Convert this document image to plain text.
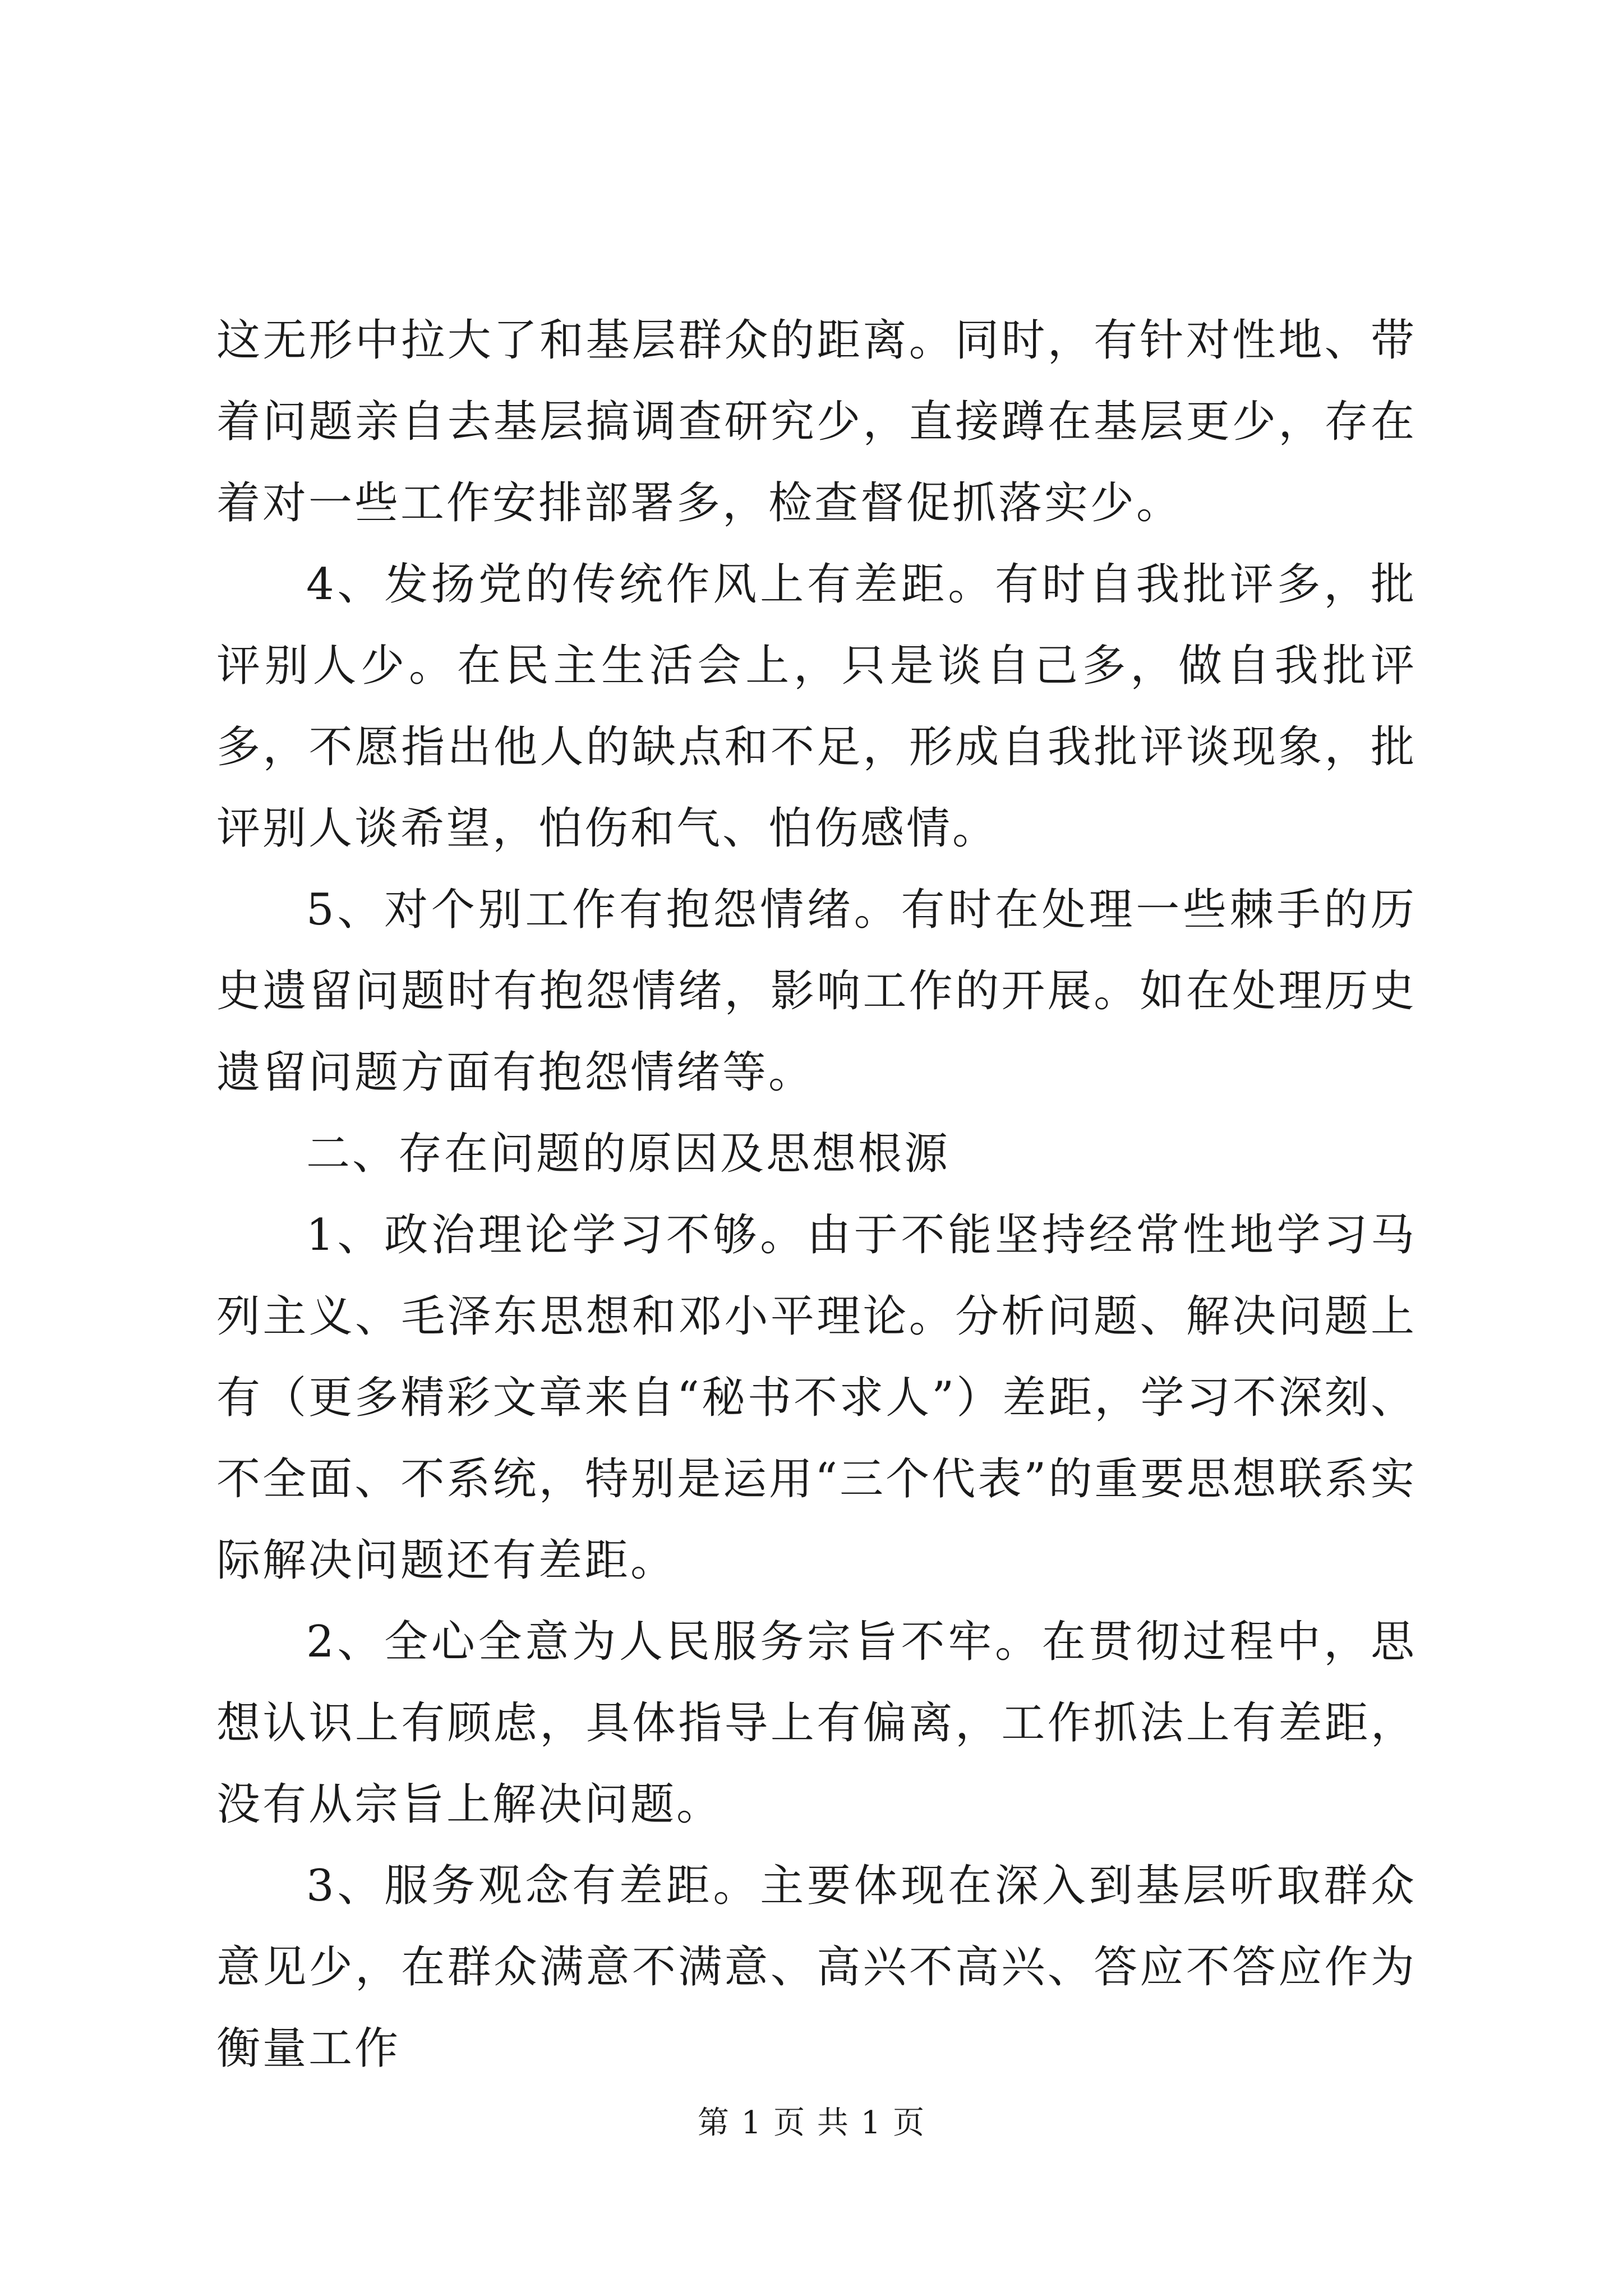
这无形中拉大了和基层群众的距离。同时，有针对性地、带着问题亲自去基层搞调查研究少，直接蹲在基层更少，存在着对一些工作安排部署多，检查督促抓落实少。

4、发扬党的传统作风上有差距。有时自我批评多，批评别人少。在民主生活会上，只是谈自己多，做自我批评多，不愿指出他人的缺点和不足，形成自我批评谈现象，批评别人谈希望，怕伤和气、怕伤感情。

5、对个别工作有抱怨情绪。有时在处理一些棘手的历史遗留问题时有抱怨情绪，影响工作的开展。如在处理历史遗留问题方面有抱怨情绪等。

二、存在问题的原因及思想根源

1、政治理论学习不够。由于不能坚持经常性地学习马列主义、毛泽东思想和邓小平理论。分析问题、解决问题上有（更多精彩文章来自“秘书不求人”）差距，学习不深刻、不全面、不系统，特别是运用“三个代表”的重要思想联系实际解决问题还有差距。

2、全心全意为人民服务宗旨不牢。在贯彻过程中，思想认识上有顾虑，具体指导上有偏离，工作抓法上有差距，没有从宗旨上解决问题。

3、服务观念有差距。主要体现在深入到基层听取群众意见少，在群众满意不满意、高兴不高兴、答应不答应作为衡量工作

第 1 页 共 1 页
